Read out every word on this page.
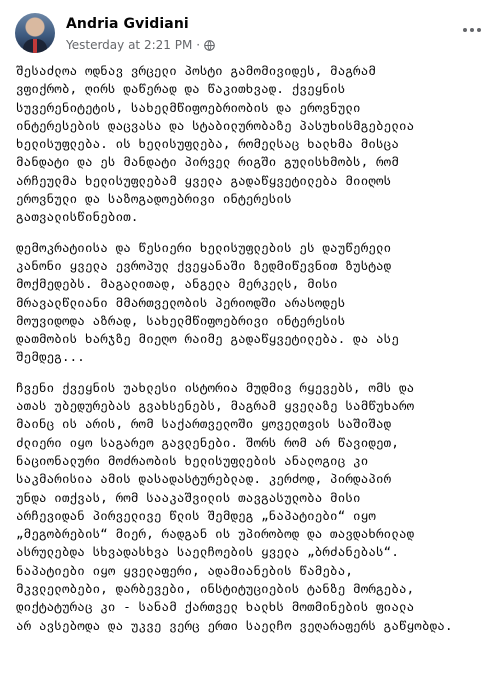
Andria Gvidiani
Yesterday at 2:21 PM ·

შესაძლოა ოდნავ ვრცელი პოსტი გამომივიდეს, მაგრამ
ვფიქრობ, ღირს დაწერად და წაკითხვად. ქვეყნის
სუვერენიტეტის, სახელმწიფოებრიობის და ეროვნული
ინტერესების დაცვასა და სტაბილურობაზე პასუხისმგებელია
ხელისუფლება. ის ხელისუფლება, რომელსაც ხალხმა მისცა
მანდატი და ეს მანდატი პირველ რიგში გულისხმობს, რომ
არჩეულმა ხელისუფლებამ ყველა გადაწყვეტილება მიიღოს
ეროვნული და საზოგადოებრივი ინტერესის
გათვალისწინებით.

დემოკრატიისა და წესიერი ხელისუფლების ეს დაუწერელი
კანონი ყველა ევროპულ ქვეყანაში ზედმიწევნით ზუსტად
მოქმედებს. მაგალითად, ანგელა მერკელს, მისი
მრავალწლიანი მმართველობის პერიოდში არასოდეს
მოუვიდოდა აზრად, სახელმწიფოებრივი ინტერესის
დათმობის ხარჯზე მიეღო რაიმე გადაწყვეტილება. და ასე
შემდეგ...

ჩვენი ქვეყნის უახლესი ისტორია მუდმივ რყევებს, ომს და
ათას უბედურებას გვახსენებს, მაგრამ ყველაზე სამწუხარო
მაინც ის არის, რომ საქართველოში ყოველთვის საშიშად
ძლიერი იყო საგარეო გავლენები. შორს რომ არ წავიდეთ,
ნაციონალური მოძრაობის ხელისუფლების ანალოგიც კი
საკმარისია ამის დასადასტურებლად. კერძოდ, პირდაპირ
უნდა ითქვას, რომ სააკაშვილის თავგასულობა მისი
არჩევიდან პირველივე წლის შემდეგ „ნაპატიები“ იყო
„მეგობრების“ მიერ, რადგან ის უპირობოდ და თავდახრილად
ასრულებდა სხვადასხვა საელჩოების ყველა „ბრძანებას“.
ნაპატიები იყო ყველაფერი, ადამიანების წამება,
მკვლელობები, დარბევები, ინსტიტუციების ტანზე მორგება,
დიქტატურაც კი - სანამ ქართველ ხალხს მოთმინების ფიალა
არ ავსებოდა და უკვე ვერც ერთი საელჩო ვეღარაფერს გაწყობდა.
